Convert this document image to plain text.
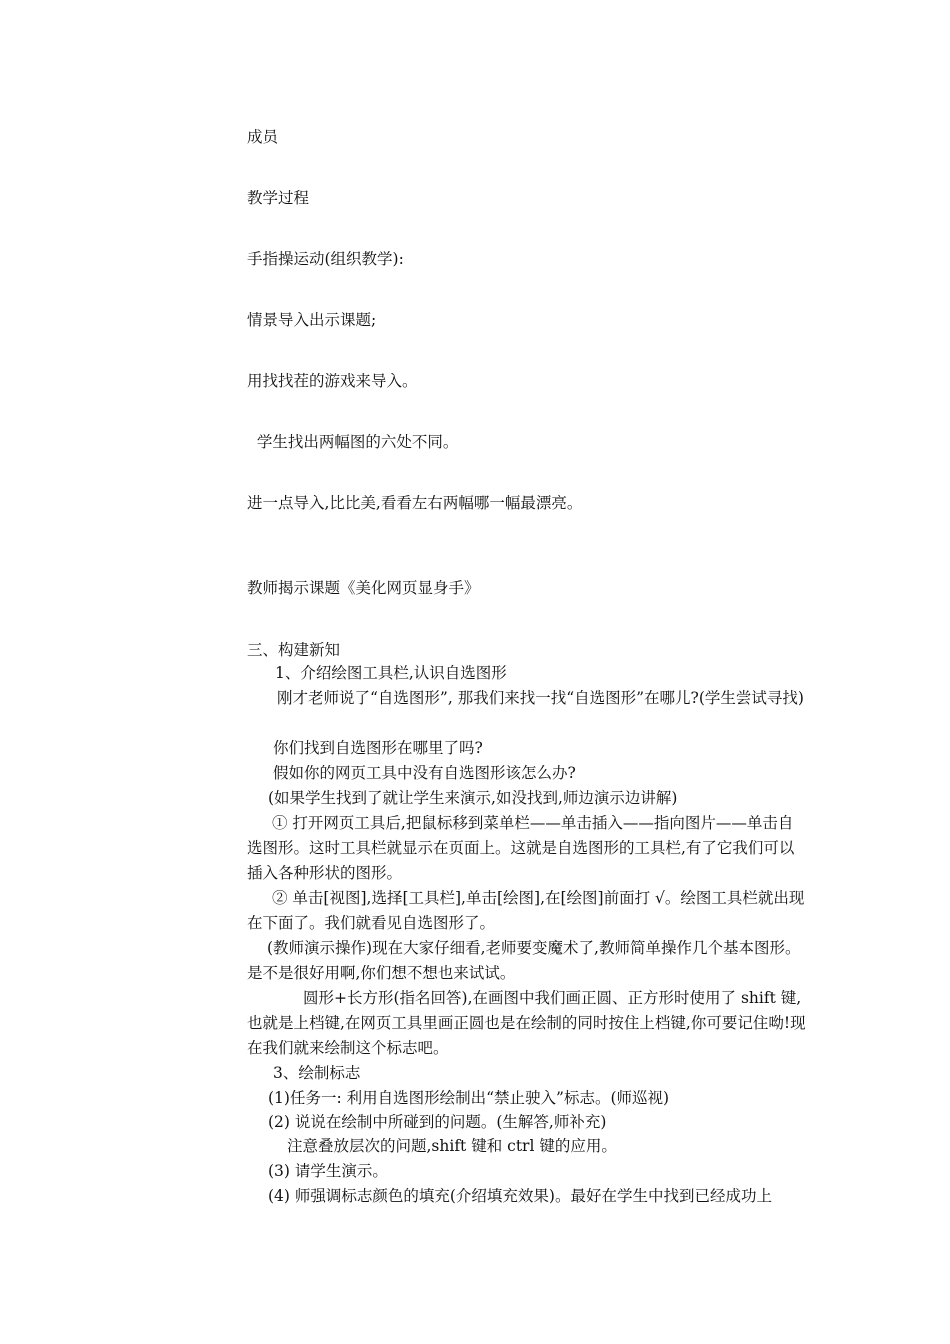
成员

教学过程

手指操运动(组织教学):

情景导入出示课题;

用找找茬的游戏来导入。

学生找出两幅图的六处不同。

进一点导入,比比美,看看左右两幅哪一幅最漂亮。

教师揭示课题《美化网页显身手》

三、构建新知

1、介绍绘图工具栏,认识自选图形

刚才老师说了“自选图形”, 那我们来找一找“自选图形”在哪儿?(学生尝试寻找)

你们找到自选图形在哪里了吗?

假如你的网页工具中没有自选图形该怎么办?

(如果学生找到了就让学生来演示,如没找到,师边演示边讲解)

① 打开网页工具后,把鼠标移到菜单栏——单击插入——指向图片——单击自选图形。这时工具栏就显示在页面上。这就是自选图形的工具栏,有了它我们可以插入各种形状的图形。

② 单击[视图],选择[工具栏],单击[绘图],在[绘图]前面打 √。绘图工具栏就出现在下面了。我们就看见自选图形了。

(教师演示操作)现在大家仔细看,老师要变魔术了,教师简单操作几个基本图形。是不是很好用啊,你们想不想也来试试。

圆形+长方形(指名回答),在画图中我们画正圆、正方形时使用了 shift 键,也就是上档键,在网页工具里画正圆也是在绘制的同时按住上档键,你可要记住呦!现在我们就来绘制这个标志吧。

3、绘制标志

(1)任务一: 利用自选图形绘制出“禁止驶入”标志。(师巡视)

(2) 说说在绘制中所碰到的问题。(生解答,师补充)

注意叠放层次的问题,shift 键和 ctrl 键的应用。

(3) 请学生演示。

(4) 师强调标志颜色的填充(介绍填充效果)。最好在学生中找到已经成功上
